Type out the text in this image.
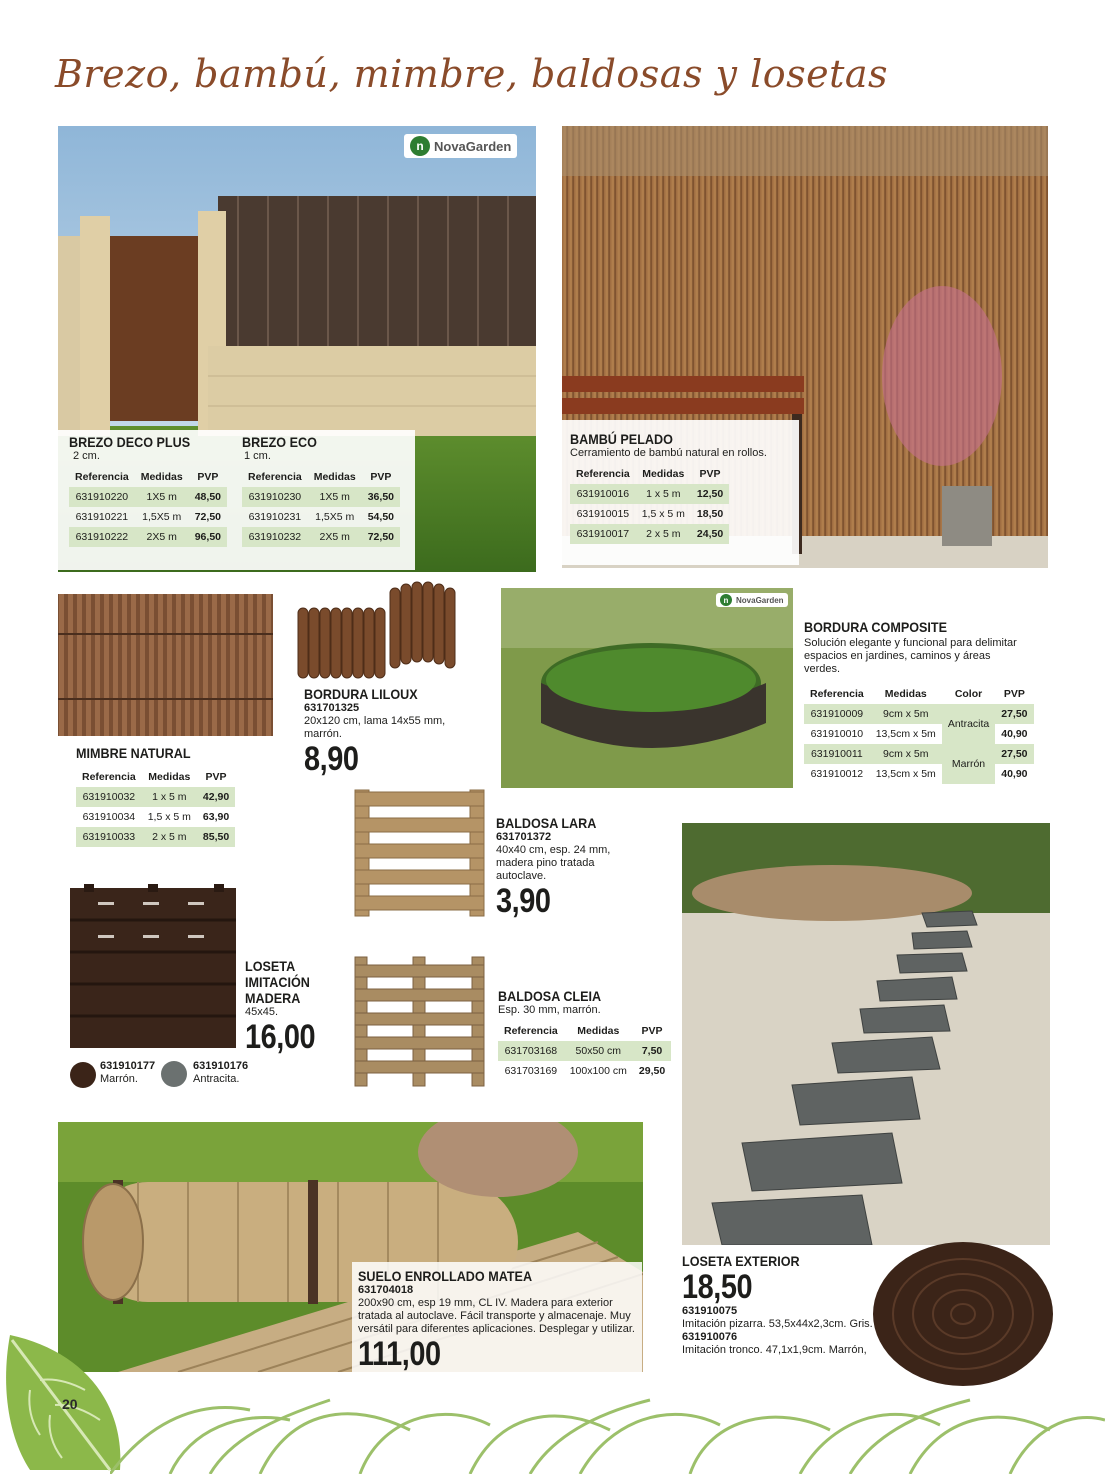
Brezo, bambú, mimbre, baldosas y losetas
n NovaGarden
BREZO DECO PLUS
2 cm.
Referencia	Medidas	PVP
631910220	1X5 m	48,50
631910221	1,5X5 m	72,50
631910222	2X5 m	96,50
BREZO ECO
1 cm.
Referencia	Medidas	PVP
631910230	1X5 m	36,50
631910231	1,5X5 m	54,50
631910232	2X5 m	72,50
BAMBÚ PELADO
Cerramiento de bambú natural en rollos.
Referencia	Medidas	PVP
631910016	1 x 5 m	12,50
631910015	1,5 x 5 m	18,50
631910017	2 x 5 m	24,50
MIMBRE NATURAL
Referencia	Medidas	PVP
631910032	1 x 5 m	42,90
631910034	1,5 x 5 m	63,90
631910033	2 x 5 m	85,50
BORDURA LILOUX
631701325
20x120 cm, lama 14x55 mm, marrón.
8,90
n NovaGarden
BORDURA COMPOSITE
Solución elegante y funcional para delimitar espacios en jardines, caminos y áreas verdes.
Referencia	Medidas	Color	PVP
631910009	9cm x 5m	Antracita	27,50
631910010	13,5cm x 5m		40,90
631910011	9cm x 5m	Marrón	27,50
631910012	13,5cm x 5m		40,90
BALDOSA LARA
631701372
40x40 cm, esp. 24 mm, madera pino tratada autoclave.
3,90
LOSETA
IMITACIÓN
MADERA
45x45.
16,00
631910177
Marrón.
631910176
Antracita.
BALDOSA CLEIA
Esp. 30 mm, marrón.
Referencia	Medidas	PVP
631703168	50x50 cm	7,50
631703169	100x100 cm	29,50
SUELO ENROLLADO MATEA
631704018
200x90 cm, esp 19 mm, CL IV. Madera para exterior tratada al autoclave. Fácil transporte y almacenaje. Muy versátil para diferentes aplicaciones. Desplegar y utilizar.
111,00
LOSETA EXTERIOR
18,50
631910075
Imitación pizarra. 53,5x44x2,3cm. Gris.
631910076
Imitación tronco. 47,1x1,9cm. Marrón,
20
